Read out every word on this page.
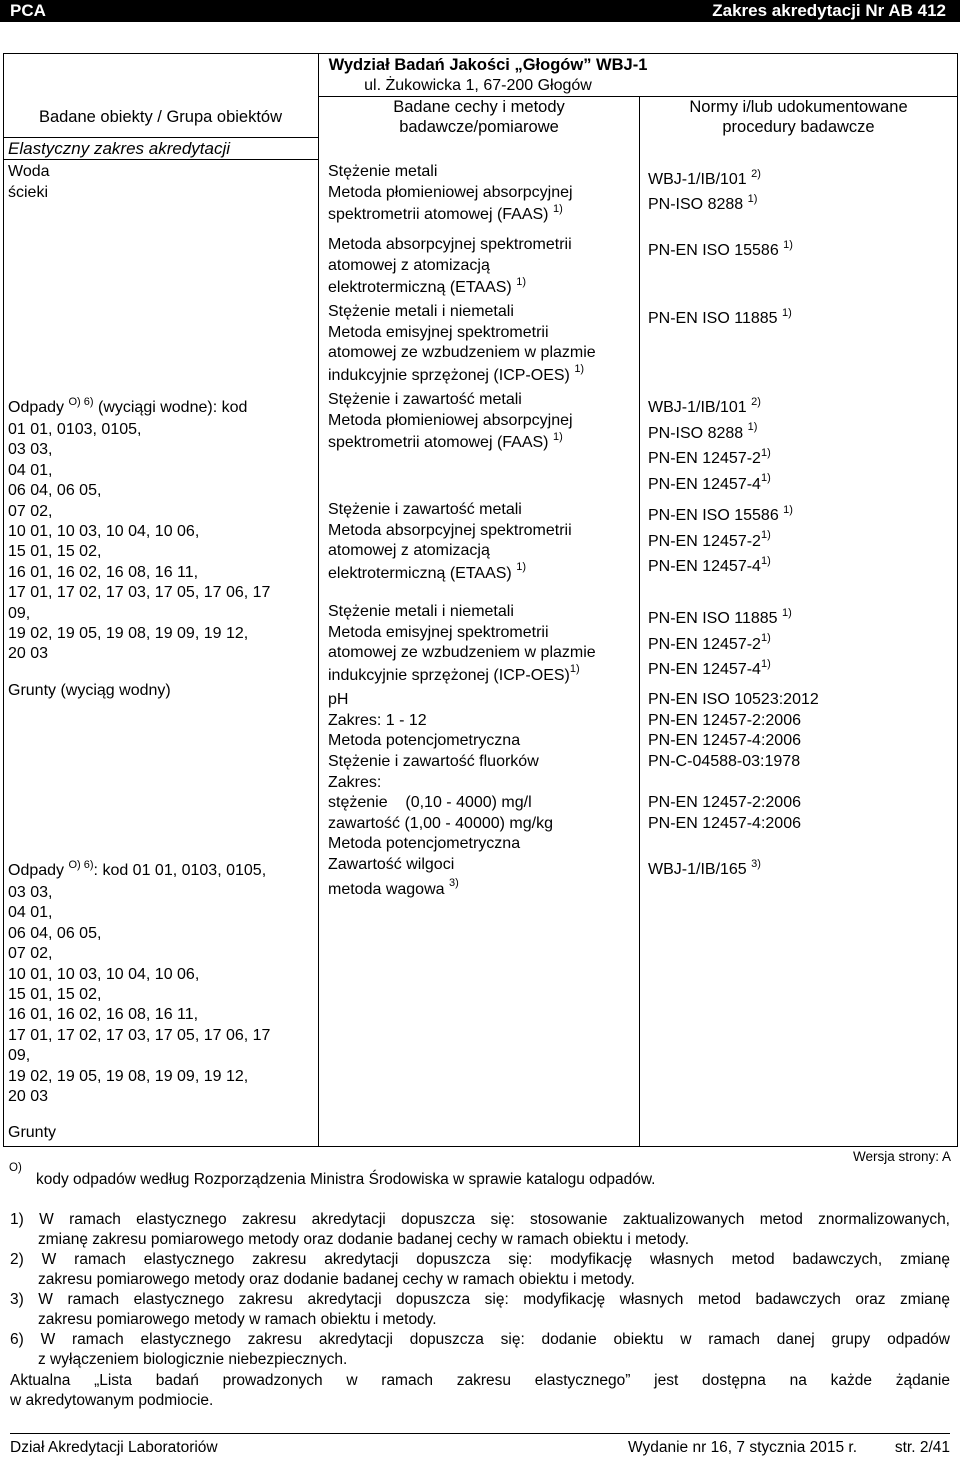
PCA	Zakres akredytacji Nr AB 412
Wydział Badań Jakości „Głogów” WBJ-1
ul. Żukowicka 1, 67-200 Głogów
Badane obiekty / Grupa obiektów
Badane cechy i metody
badawcze/pomiarowe
Normy i/lub udokumentowane
procedury badawcze
Elastyczny zakres akredytacji
Woda
ścieki
Odpady $^{O) 6)}$ (wyciągi wodne): kod
01 01, 0103, 0105,
03 03,
04 01,
06 04, 06 05,
07 02,
10 01, 10 03, 10 04, 10 06,
15 01, 15 02,
16 01, 16 02, 16 08, 16 11,
17 01, 17 02, 17 03, 17 05, 17 06, 17
09,
19 02, 19 05, 19 08, 19 09, 19 12,
20 03
Grunty (wyciąg wodny)
Odpady $^{O) 6)}$: kod 01 01, 0103, 0105,
03 03,
04 01,
06 04, 06 05,
07 02,
10 01, 10 03, 10 04, 10 06,
15 01, 15 02,
16 01, 16 02, 16 08, 16 11,
17 01, 17 02, 17 03, 17 05, 17 06, 17
09,
19 02, 19 05, 19 08, 19 09, 19 12,
20 03
Grunty
Stężenie metali
Metoda płomieniowej absorpcyjnej
spektrometrii atomowej (FAAS) $^{1)}$
Metoda absorpcyjnej spektrometrii
atomowej z atomizacją
elektrotermiczną (ETAAS) $^{1)}$
Stężenie metali i niemetali
Metoda emisyjnej spektrometrii
atomowej ze wzbudzeniem w plazmie
indukcyjnie sprzężonej (ICP-OES) $^{1)}$
Stężenie i zawartość metali
Metoda płomieniowej absorpcyjnej
spektrometrii atomowej (FAAS) $^{1)}$
Stężenie i zawartość metali
Metoda absorpcyjnej spektrometrii
atomowej z atomizacją
elektrotermiczną (ETAAS) $^{1)}$
Stężenie metali i niemetali
Metoda emisyjnej spektrometrii
atomowej ze wzbudzeniem w plazmie
indukcyjnie sprzężonej $(ICP-OES)^{1)}$
pH
Zakres: 1 - 12
Metoda potencjometryczna
Stężenie i zawartość fluorków
Zakres:
stężenie    (0,10 - 4000) mg/l
zawartość (1,00 - 40000) mg/kg
Metoda potencjometryczna
Zawartość wilgoci
metoda wagowa $^{3)}$
WBJ-1/IB/101 $^{2)}$
PN-ISO 8288 $^{1)}$
PN-EN ISO 15586 $^{1)}$
PN-EN ISO 11885 $^{1)}$
WBJ-1/IB/101 $^{2)}$
PN-ISO 8288 $^{1)}$
PN-EN 12457-2$^{1)}$
PN-EN 12457-4$^{1)}$
PN-EN ISO 15586 $^{1)}$
PN-EN 12457-2$^{1)}$
PN-EN 12457-4$^{1)}$
PN-EN ISO 11885 $^{1)}$
PN-EN 12457-2$^{1)}$
PN-EN 12457-4$^{1)}$
PN-EN ISO 10523:2012
PN-EN 12457-2:2006
PN-EN 12457-4:2006
PN-C-04588-03:1978
PN-EN 12457-2:2006
PN-EN 12457-4:2006
WBJ-1/IB/165 $^{3)}$
Wersja strony: A
O)
kody odpadów według Rozporządzenia Ministra Środowiska w sprawie katalogu odpadów.
1) W ramach elastycznego zakresu akredytacji dopuszcza się: stosowanie zaktualizowanych metod znormalizowanych,
zmianę zakresu pomiarowego metody oraz dodanie badanej cechy w ramach obiektu i metody.
2) W ramach elastycznego zakresu akredytacji dopuszcza się: modyfikację własnych metod badawczych, zmianę
zakresu pomiarowego metody oraz dodanie badanej cechy w ramach obiektu i metody.
3) W ramach elastycznego zakresu akredytacji dopuszcza się: modyfikację własnych metod badawczych oraz zmianę
zakresu pomiarowego metody w ramach obiektu i metody.
6) W ramach elastycznego zakresu akredytacji dopuszcza się: dodanie obiektu w ramach danej grupy odpadów
z wyłączeniem biologicznie niebezpiecznych.
Aktualna „Lista badań prowadzonych w ramach zakresu elastycznego” jest dostępna na każde żądanie
w akredytowanym podmiocie.
Dział Akredytacji Laboratoriów	Wydanie nr 16, 7 stycznia 2015 r. str. 2/41
